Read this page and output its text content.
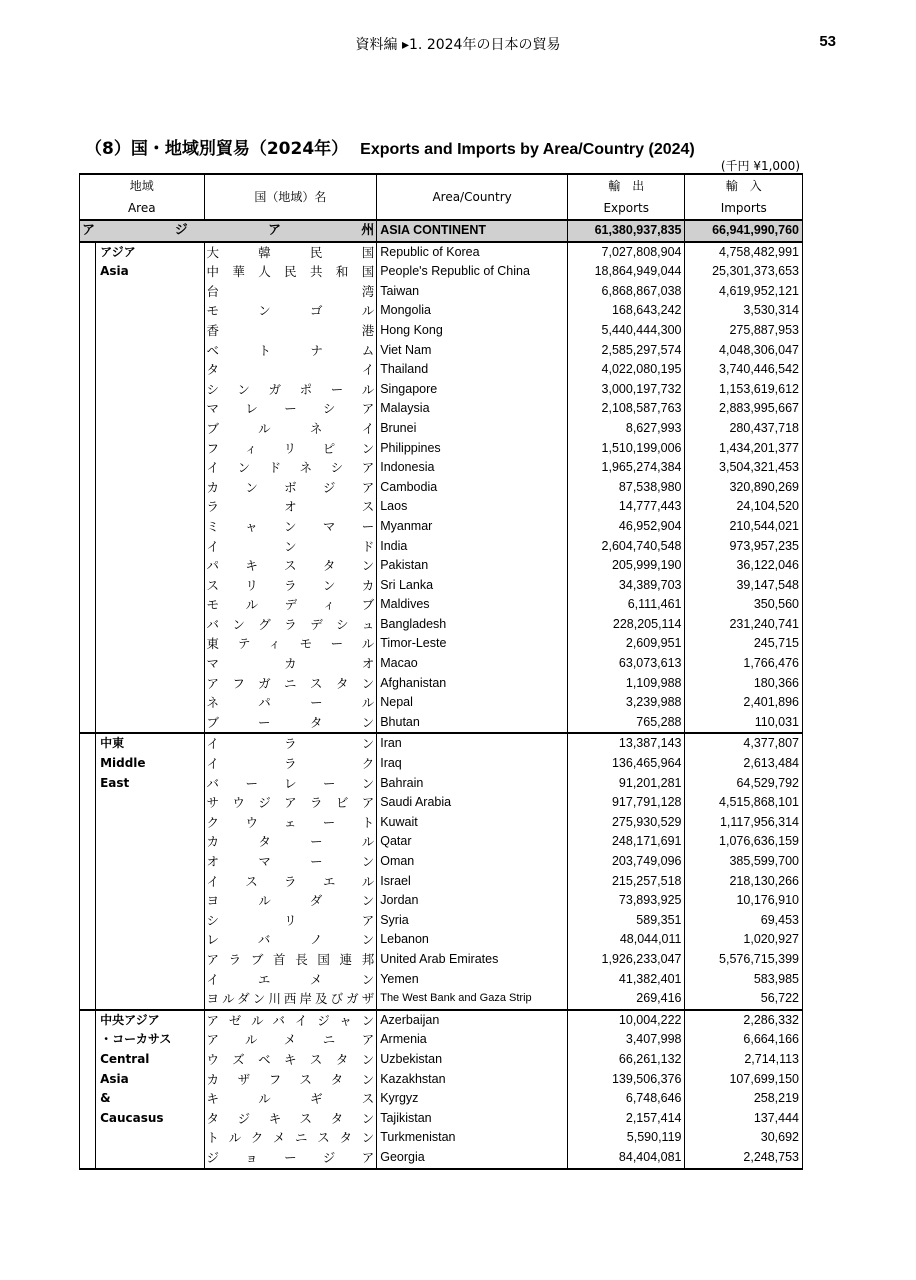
資料編 ▸1. 2024年の日本の貿易	53
（8）国・地域別貿易（2024年） Exports and Imports by Area/Country (2024)
(千円 ¥1,000)
地域		国（地域）名	Area/Country	輸　出	輸　入
Area				Exports	Imports
アジア州			ASIA CONTINENT	61,380,937,835	66,941,990,760
	アジア	大韓民国	Republic of Korea	7,027,808,904	4,758,482,991
	Asia	中華人民共和国	People's Republic of China	18,864,949,044	25,301,373,653
		台湾	Taiwan	6,868,867,038	4,619,952,121
		モンゴル	Mongolia	168,643,242	3,530,314
		香港	Hong Kong	5,440,444,300	275,887,953
		ベトナム	Viet Nam	2,585,297,574	4,048,306,047
		タイ	Thailand	4,022,080,195	3,740,446,542
		シンガポール	Singapore	3,000,197,732	1,153,619,612
		マレーシア	Malaysia	2,108,587,763	2,883,995,667
		ブルネイ	Brunei	8,627,993	280,437,718
		フィリピン	Philippines	1,510,199,006	1,434,201,377
		インドネシア	Indonesia	1,965,274,384	3,504,321,453
		カンボジア	Cambodia	87,538,980	320,890,269
		ラオス	Laos	14,777,443	24,104,520
		ミャンマー	Myanmar	46,952,904	210,544,021
		インド	India	2,604,740,548	973,957,235
		パキスタン	Pakistan	205,999,190	36,122,046
		スリランカ	Sri Lanka	34,389,703	39,147,548
		モルディブ	Maldives	6,111,461	350,560
		バングラデシュ	Bangladesh	228,205,114	231,240,741
		東ティモール	Timor-Leste	2,609,951	245,715
		マカオ	Macao	63,073,613	1,766,476
		アフガニスタン	Afghanistan	1,109,988	180,366
		ネパール	Nepal	3,239,988	2,401,896
		ブータン	Bhutan	765,288	110,031
	中東	イラン	Iran	13,387,143	4,377,807
	Middle	イラク	Iraq	136,465,964	2,613,484
	East	バーレーン	Bahrain	91,201,281	64,529,792
		サウジアラビア	Saudi Arabia	917,791,128	4,515,868,101
		クウェート	Kuwait	275,930,529	1,117,956,314
		カタール	Qatar	248,171,691	1,076,636,159
		オマーン	Oman	203,749,096	385,599,700
		イスラエル	Israel	215,257,518	218,130,266
		ヨルダン	Jordan	73,893,925	10,176,910
		シリア	Syria	589,351	69,453
		レバノン	Lebanon	48,044,011	1,020,927
		アラブ首長国連邦	United Arab Emirates	1,926,233,047	5,576,715,399
		イエメン	Yemen	41,382,401	583,985
		ヨルダン川西岸及びガザ	The West Bank and Gaza Strip	269,416	56,722
	中央アジア	アゼルバイジャン	Azerbaijan	10,004,222	2,286,332
	・コーカサス	アルメニア	Armenia	3,407,998	6,664,166
	Central	ウズベキスタン	Uzbekistan	66,261,132	2,714,113
	Asia	カザフスタン	Kazakhstan	139,506,376	107,699,150
	&	キルギス	Kyrgyz	6,748,646	258,219
	Caucasus	タジキスタン	Tajikistan	2,157,414	137,444
		トルクメニスタン	Turkmenistan	5,590,119	30,692
		ジョージア	Georgia	84,404,081	2,248,753
